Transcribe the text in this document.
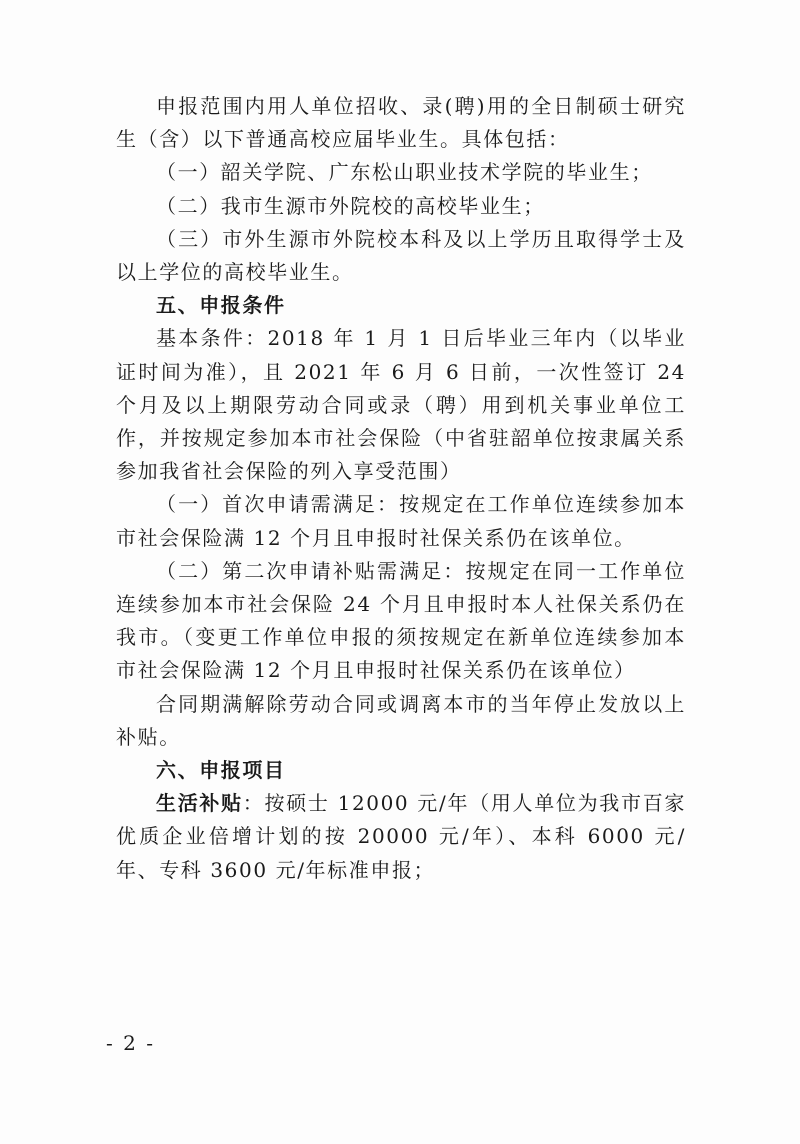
申报范围内用人单位招收、录(聘)用的全日制硕士研究生（含）以下普通高校应届毕业生。具体包括：

（一）韶关学院、广东松山职业技术学院的毕业生；

（二）我市生源市外院校的高校毕业生；

（三）市外生源市外院校本科及以上学历且取得学士及以上学位的高校毕业生。

五、申报条件

基本条件：2018 年 1 月 1 日后毕业三年内（以毕业证时间为准），且 2021 年 6 月 6 日前，一次性签订 24 个月及以上期限劳动合同或录（聘）用到机关事业单位工作，并按规定参加本市社会保险（中省驻韶单位按隶属关系参加我省社会保险的列入享受范围）

（一）首次申请需满足：按规定在工作单位连续参加本市社会保险满 12 个月且申报时社保关系仍在该单位。

（二）第二次申请补贴需满足：按规定在同一工作单位连续参加本市社会保险 24 个月且申报时本人社保关系仍在我市。（变更工作单位申报的须按规定在新单位连续参加本市社会保险满 12 个月且申报时社保关系仍在该单位）

合同期满解除劳动合同或调离本市的当年停止发放以上补贴。

六、申报项目

生活补贴：按硕士 12000 元/年（用人单位为我市百家优质企业倍增计划的按 20000 元/年）、本科 6000 元/年、专科 3600 元/年标准申报；

- 2 -
